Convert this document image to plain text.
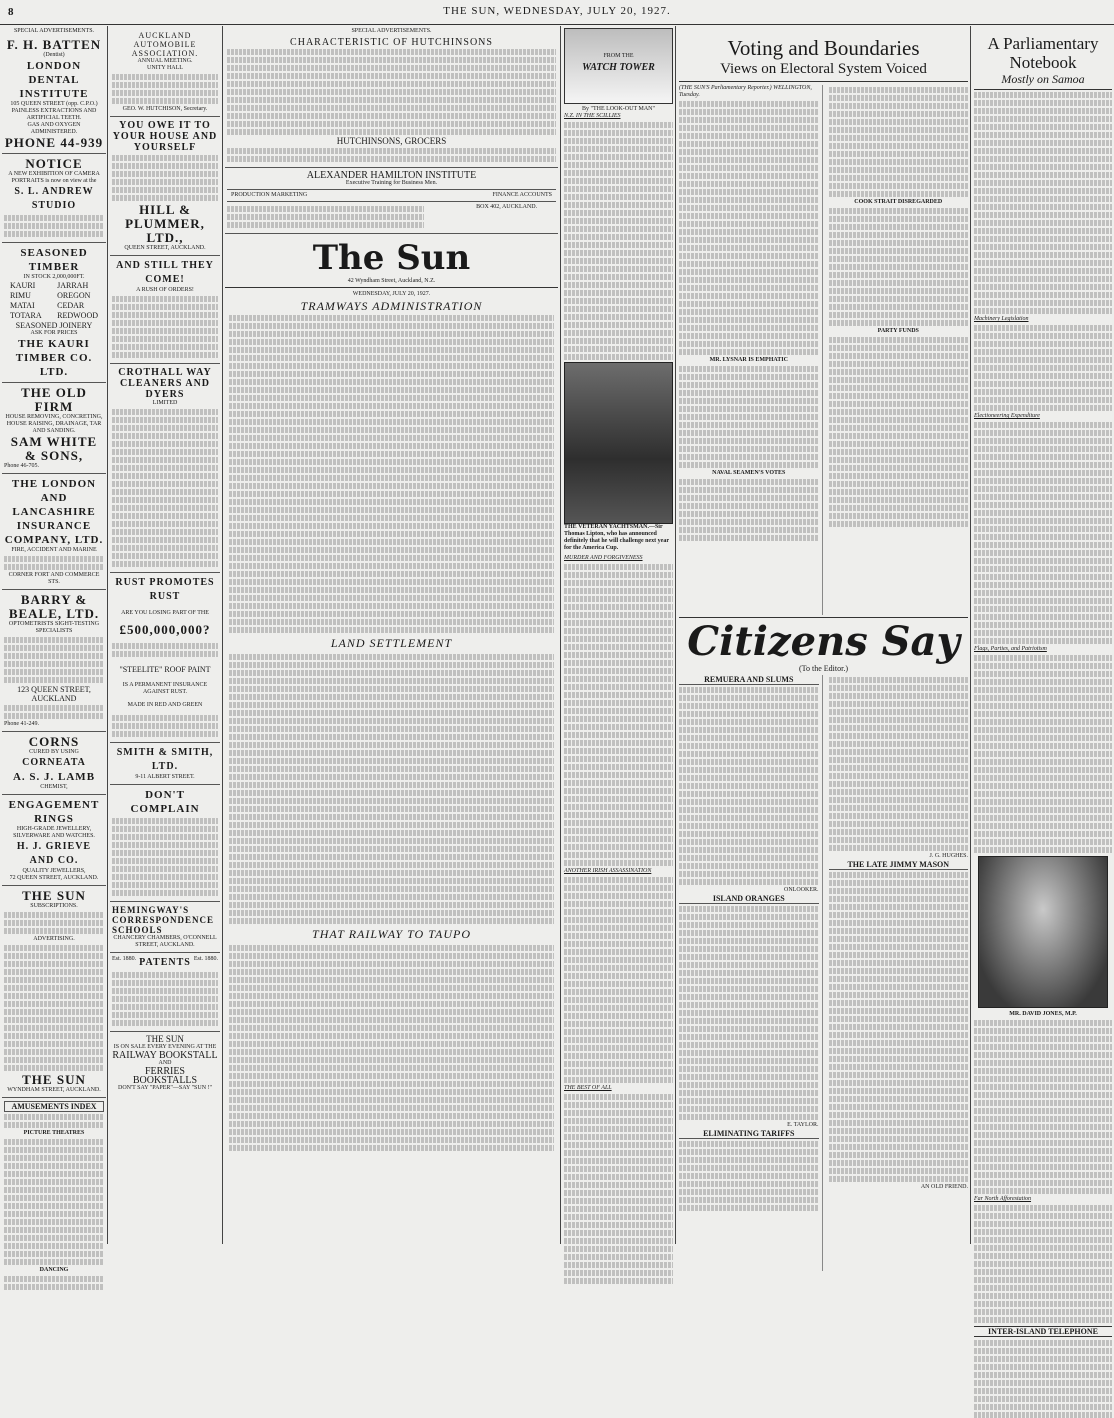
8	THE SUN, WEDNESDAY, JULY 20, 1927.
SPECIAL ADVERTISEMENTS.
F. H. BATTEN
(Dentist)
LONDON DENTAL INSTITUTE
105 QUEEN STREET (opp. C.P.O.)
PAINLESS EXTRACTIONS AND ARTIFICIAL TEETH.
GAS AND OXYGEN ADMINISTERED.
PHONE 44-939
NOTICE
A NEW EXHIBITION OF CAMERA PORTRAITS is now on view at the
S. L. ANDREW STUDIO
SEASONED TIMBER
IN STOCK 2,000,000FT.
KAURI
RIMU
MATAI
TOTARA
JARRAH
OREGON
CEDAR
REDWOOD
SEASONED JOINERY
ASK FOR PRICES
THE KAURI TIMBER CO. LTD.
THE OLD FIRM
HOUSE REMOVING, CONCRETING, HOUSE RAISING, DRAINAGE, TAR AND SANDING.
SAM WHITE & SONS,
Phone 46-705.
THE LONDON AND LANCASHIRE INSURANCE COMPANY, LTD.
FIRE, ACCIDENT AND MARINE
CORNER FORT AND COMMERCE STS.
BARRY & BEALE, LTD.
OPTOMETRISTS SIGHT-TESTING SPECIALISTS
123 QUEEN STREET, AUCKLAND
Phone 41-249.
CORNS
CURED BY USING
CORNEATA
A. S. J. LAMB
CHEMIST,
ENGAGEMENT RINGS
HIGH-GRADE JEWELLERY, SILVERWARE AND WATCHES.
H. J. GRIEVE AND CO.
QUALITY JEWELLERS,
72 QUEEN STREET, AUCKLAND.
THE SUN
SUBSCRIPTIONS.
ADVERTISING.
THE SUN
WYNDHAM STREET, AUCKLAND.
AMUSEMENTS INDEX
PICTURE THEATRES
DANCING
AUCKLAND AUTOMOBILE ASSOCIATION.
ANNUAL MEETING.
UNITY HALL
GEO. W. HUTCHISON, Secretary.
YOU OWE IT TO YOUR HOUSE AND YOURSELF
HILL & PLUMMER, LTD.,
QUEEN STREET, AUCKLAND.
AND STILL THEY COME!
A RUSH OF ORDERS!
CROTHALL WAY CLEANERS AND DYERS
LIMITED
RUST PROMOTES RUST
ARE YOU LOSING PART OF THE
£500,000,000?
"STEELITE" ROOF PAINT
IS A PERMANENT INSURANCE AGAINST RUST.
MADE IN RED AND GREEN
SMITH & SMITH, LTD.
9-11 ALBERT STREET.
DON'T COMPLAIN
HEMINGWAY'S CORRESPONDENCE SCHOOLS
CHANCERY CHAMBERS, O'CONNELL STREET, AUCKLAND.
Est. 1880. PATENTS Est. 1880.
THE SUN
IS ON SALE EVERY EVENING AT THE
RAILWAY BOOKSTALL
AND
FERRIES BOOKSTALLS
DON'T SAY "PAPER"—SAY "SUN !"
SPECIAL ADVERTISEMENTS.
CHARACTERISTIC OF HUTCHINSONS
HUTCHINSONS, GROCERS
ALEXANDER HAMILTON INSTITUTE
Executive Training for Business Men.
PRODUCTION MARKETING	FINANCE ACCOUNTS
BOX 402, AUCKLAND.
The Sun
42 Wyndham Street, Auckland, N.Z.
WEDNESDAY, JULY 20, 1927.
TRAMWAYS ADMINISTRATION
LAND SETTLEMENT
THAT RAILWAY TO TAUPO
FROM THE
WATCH TOWER
By "THE LOOK-OUT MAN"
N.Z. IN THE SCILLIES
THE VETERAN YACHTSMAN.—Sir Thomas Lipton, who has announced definitely that he will challenge next year for the America Cup.
MURDER AND FORGIVENESS
ANOTHER IRISH ASSASSINATION
THE BEST OF ALL
Voting and Boundaries
Views on Electoral System Voiced
(THE SUN'S Parliamentary Reporter.) WELLINGTON, Tuesday.
MR. LYSNAR IS EMPHATIC
NAVAL SEAMEN'S VOTES
COOK STRAIT DISREGARDED
PARTY FUNDS
Citizens Say
(To the Editor.)
REMUERA AND SLUMS
ONLOOKER.
ISLAND ORANGES
E. TAYLOR.
ELIMINATING TARIFFS
J. G. HUGHES.
THE LATE JIMMY MASON
AN OLD FRIEND.
A Parliamentary Notebook
Mostly on Samoa
Machinery Legislation
Electioneering Expenditure
Flags, Parties, and Patriotism
MR. DAVID JONES, M.P.
Far North Afforestation
INTER-ISLAND TELEPHONE
